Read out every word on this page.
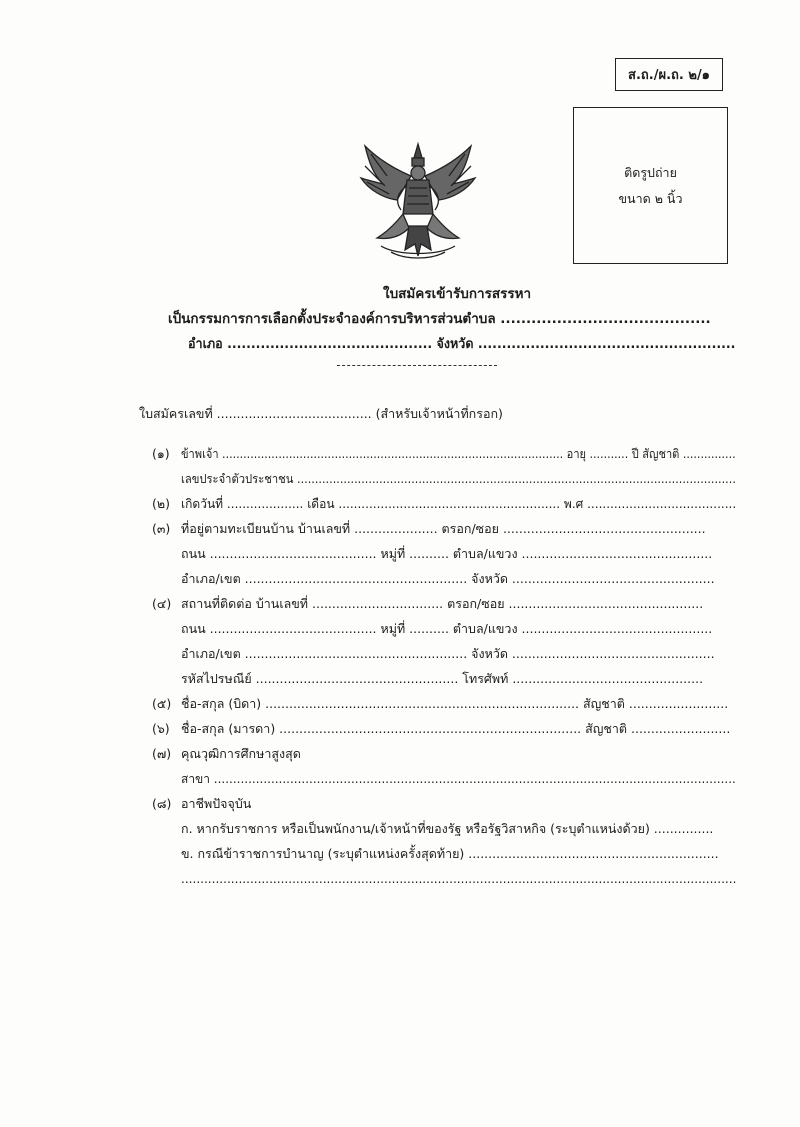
ส.ถ./ผ.ถ. ๒/๑
ติดรูปถ่าย
ขนาด ๒ นิ้ว
ใบสมัครเข้ารับการสรรหา
เป็นกรรมการการเลือกตั้งประจำองค์การบริหารส่วนตำบล .........................................
อำเภอ ........................................... จังหวัด ......................................................
ใบสมัครเลขที่ ....................................... (สำหรับเจ้าหน้าที่กรอก)
(๑) ข้าพเจ้า ................................................................................................. อายุ ........... ปี สัญชาติ ...............
เลขประจำตัวประชาชน ...........................................................................................................................
(๒) เกิดวันที่ .................... เดือน .......................................................... พ.ศ .......................................
(๓) ที่อยู่ตามทะเบียนบ้าน บ้านเลขที่ ..................... ตรอก/ซอย ...................................................
ถนน .......................................... หมู่ที่ .......... ตำบล/แขวง ................................................
อำเภอ/เขต ........................................................ จังหวัด ...................................................
(๔) สถานที่ติดต่อ บ้านเลขที่ ................................. ตรอก/ซอย .................................................
ถนน .......................................... หมู่ที่ .......... ตำบล/แขวง ................................................
อำเภอ/เขต ........................................................ จังหวัด ...................................................
รหัสไปรษณีย์ ................................................... โทรศัพท์ ................................................
(๕) ชื่อ-สกุล (บิดา) ............................................................................... สัญชาติ .........................
(๖) ชื่อ-สกุล (มารดา) ............................................................................ สัญชาติ .........................
(๗) คุณวุฒิการศึกษาสูงสุด
สาขา .........................................................................................................................................
(๘) อาชีพปัจจุบัน
ก. หากรับราชการ หรือเป็นพนักงาน/เจ้าหน้าที่ของรัฐ หรือรัฐวิสาหกิจ (ระบุตำแหน่งด้วย) ...............
ข. กรณีข้าราชการบำนาญ (ระบุตำแหน่งครั้งสุดท้าย) ...............................................................
.................................................................................................................................................
